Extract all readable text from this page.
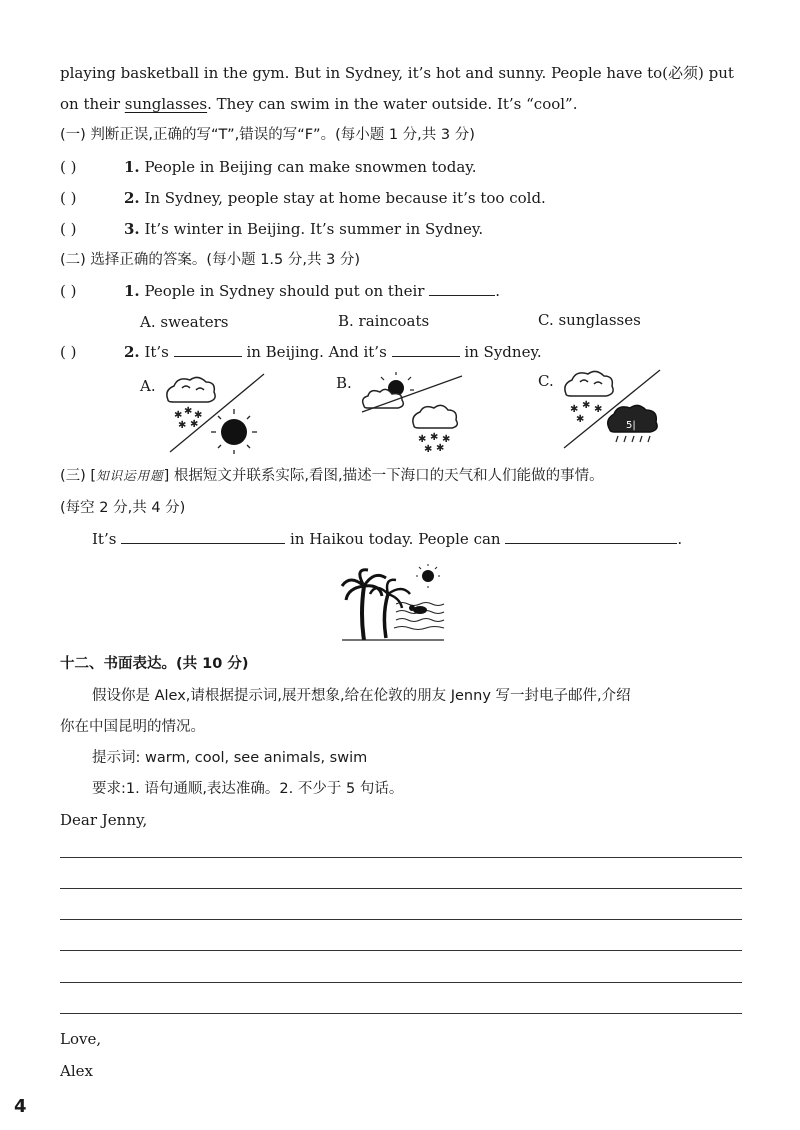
playing basketball in the gym. But in Sydney, it’s hot and sunny. People have to(必须) put
on their sunglasses. They can swim in the water outside. It’s “cool”.
(一) 判断正误,正确的写“T”,错误的写“F”。(每小题 1 分,共 3 分)
( )	1. People in Beijing can make snowmen today.
( )	2. In Sydney, people stay at home because it’s too cold.
( )	3. It’s winter in Beijing. It’s summer in Sydney.
(二) 选择正确的答案。(每小题 1.5 分,共 3 分)
( )	1. People in Sydney should put on their	.
A. sweaters	B. raincoats	C. sunglasses
( )	2. It’s	in Beijing. And it’s	in Sydney.
A.	B.	C.
✱ ✱ ✱
✱ ✱
✱ ✱ ✱
✱ ✱
✱ ✱ ✱
✱
5|
(三) [知识运用题] 根据短文并联系实际,看图,描述一下海口的天气和人们能做的事情。
(每空 2 分,共 4 分)
It’s	in Haikou today. People can	.
十二、书面表达。(共 10 分)
假设你是 Alex,请根据提示词,展开想象,给在伦敦的朋友 Jenny 写一封电子邮件,介绍
你在中国昆明的情况。
提示词: warm, cool, see animals, swim
要求:1. 语句通顺,表达准确。2. 不少于 5 句话。
Dear Jenny,
Love,
Alex
4
